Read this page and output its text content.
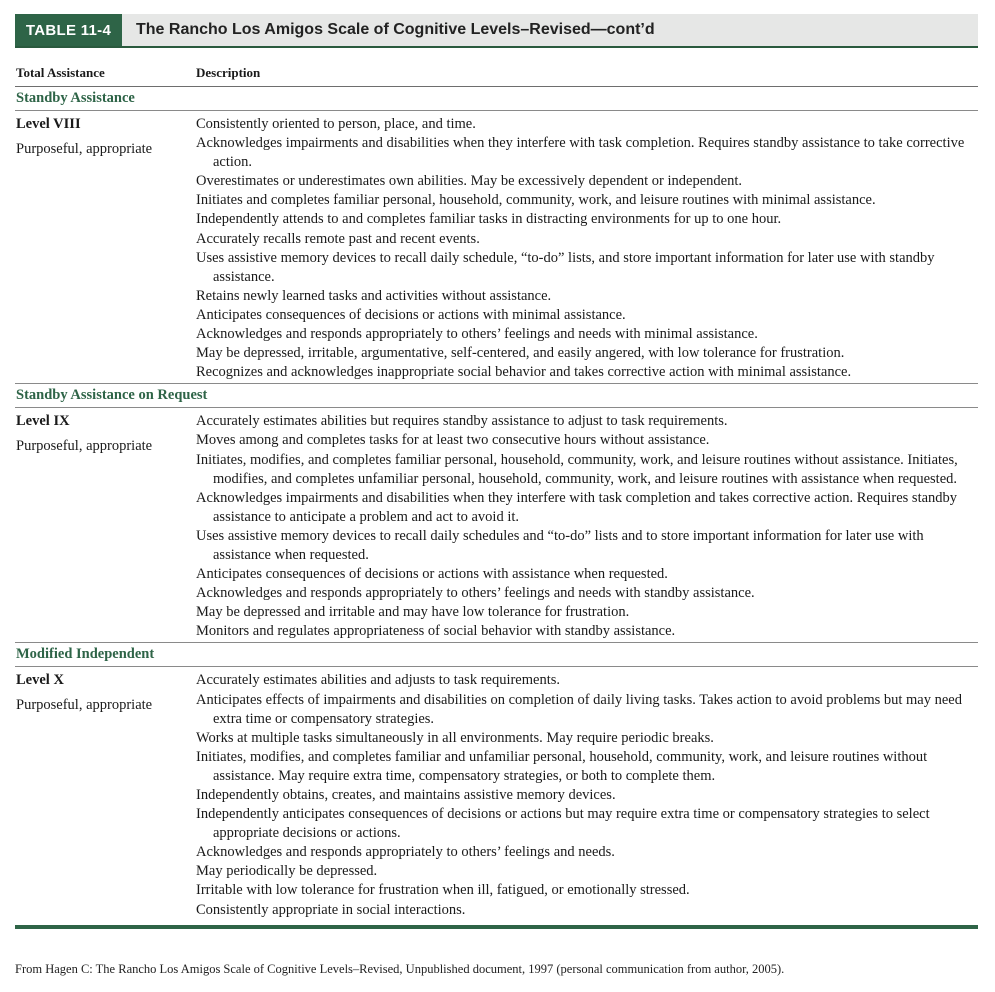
TABLE 11-4	The Rancho Los Amigos Scale of Cognitive Levels–Revised—cont’d
Total Assistance	Description
Standby Assistance
Level VIII
Purposeful, appropriate
Consistently oriented to person, place, and time.
Acknowledges impairments and disabilities when they interfere with task completion. Requires standby assistance to take corrective action.
Overestimates or underestimates own abilities. May be excessively dependent or independent.
Initiates and completes familiar personal, household, community, work, and leisure routines with minimal assistance.
Independently attends to and completes familiar tasks in distracting environments for up to one hour.
Accurately recalls remote past and recent events.
Uses assistive memory devices to recall daily schedule, “to-do” lists, and store important information for later use with standby assistance.
Retains newly learned tasks and activities without assistance.
Anticipates consequences of decisions or actions with minimal assistance.
Acknowledges and responds appropriately to others’ feelings and needs with minimal assistance.
May be depressed, irritable, argumentative, self-centered, and easily angered, with low tolerance for frustration.
Recognizes and acknowledges inappropriate social behavior and takes corrective action with minimal assistance.
Standby Assistance on Request
Level IX
Purposeful, appropriate
Accurately estimates abilities but requires standby assistance to adjust to task requirements.
Moves among and completes tasks for at least two consecutive hours without assistance.
Initiates, modifies, and completes familiar personal, household, community, work, and leisure routines without assistance. Initiates, modifies, and completes unfamiliar personal, household, community, work, and leisure routines with assistance when requested.
Acknowledges impairments and disabilities when they interfere with task completion and takes corrective action. Requires standby assistance to anticipate a problem and act to avoid it.
Uses assistive memory devices to recall daily schedules and “to-do” lists and to store important information for later use with assistance when requested.
Anticipates consequences of decisions or actions with assistance when requested.
Acknowledges and responds appropriately to others’ feelings and needs with standby assistance.
May be depressed and irritable and may have low tolerance for frustration.
Monitors and regulates appropriateness of social behavior with standby assistance.
Modified Independent
Level X
Purposeful, appropriate
Accurately estimates abilities and adjusts to task requirements.
Anticipates effects of impairments and disabilities on completion of daily living tasks. Takes action to avoid problems but may need extra time or compensatory strategies.
Works at multiple tasks simultaneously in all environments. May require periodic breaks.
Initiates, modifies, and completes familiar and unfamiliar personal, household, community, work, and leisure routines without assistance. May require extra time, compensatory strategies, or both to complete them.
Independently obtains, creates, and maintains assistive memory devices.
Independently anticipates consequences of decisions or actions but may require extra time or compensatory strategies to select appropriate decisions or actions.
Acknowledges and responds appropriately to others’ feelings and needs.
May periodically be depressed.
Irritable with low tolerance for frustration when ill, fatigued, or emotionally stressed.
Consistently appropriate in social interactions.
From Hagen C: The Rancho Los Amigos Scale of Cognitive Levels–Revised, Unpublished document, 1997 (personal communication from author, 2005).
